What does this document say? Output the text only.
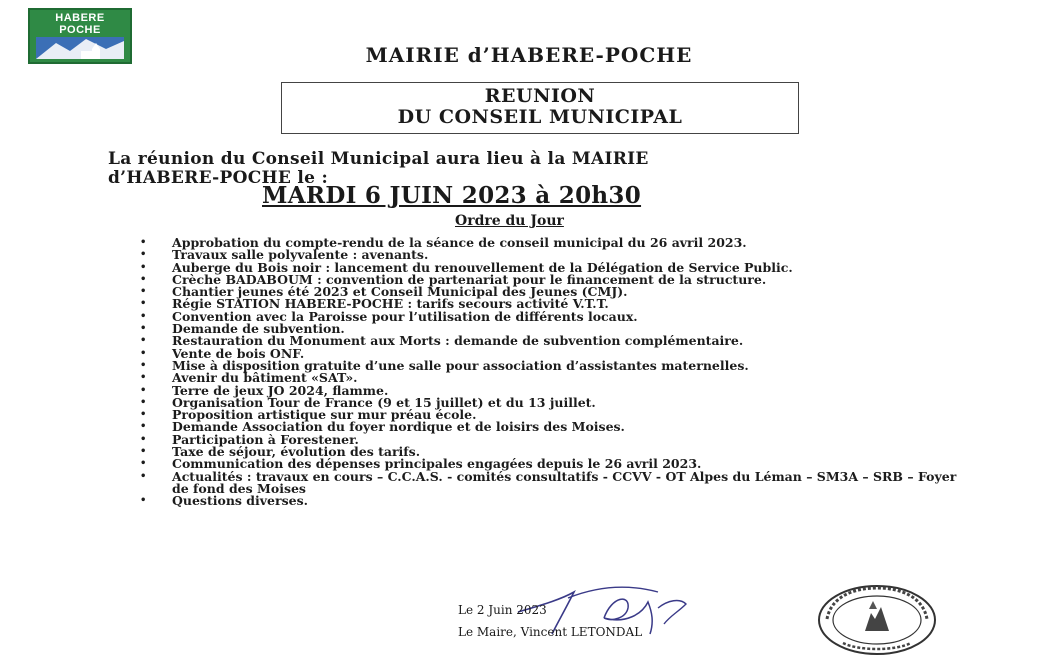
HABERE
POCHE
MAIRIE d’HABERE-POCHE
REUNION
DU CONSEIL MUNICIPAL
La réunion du Conseil Municipal aura lieu à la MAIRIE
d’HABERE-POCHE le :
MARDI 6 JUIN 2023 à 20h30
Ordre du Jour
• Approbation du compte-rendu de la séance de conseil municipal du 26 avril 2023.
• Travaux salle polyvalente : avenants.
• Auberge du Bois noir : lancement du renouvellement de la Délégation de Service Public.
• Crèche BADABOUM : convention de partenariat pour le financement de la structure.
• Chantier jeunes été 2023 et Conseil Municipal des Jeunes (CMJ).
• Régie STATION HABERE-POCHE : tarifs secours activité V.T.T.
• Convention avec la Paroisse pour l’utilisation de différents locaux.
• Demande de subvention.
• Restauration du Monument aux Morts : demande de subvention complémentaire.
• Vente de bois ONF.
• Mise à disposition gratuite d’une salle pour association d’assistantes maternelles.
• Avenir du bâtiment «SAT».
• Terre de jeux JO 2024, flamme.
• Organisation Tour de France (9 et 15 juillet) et du 13 juillet.
• Proposition artistique sur mur préau école.
• Demande Association du foyer nordique et de loisirs des Moises.
• Participation à Forestener.
• Taxe de séjour, évolution des tarifs.
• Communication des dépenses principales engagées depuis le 26 avril 2023.
• Actualités : travaux en cours – C.C.A.S. - comités consultatifs - CCVV - OT Alpes du Léman – SM3A – SRB – Foyer de fond des Moises
• Questions diverses.
Le 2 Juin 2023
Le Maire, Vincent LETONDAL
